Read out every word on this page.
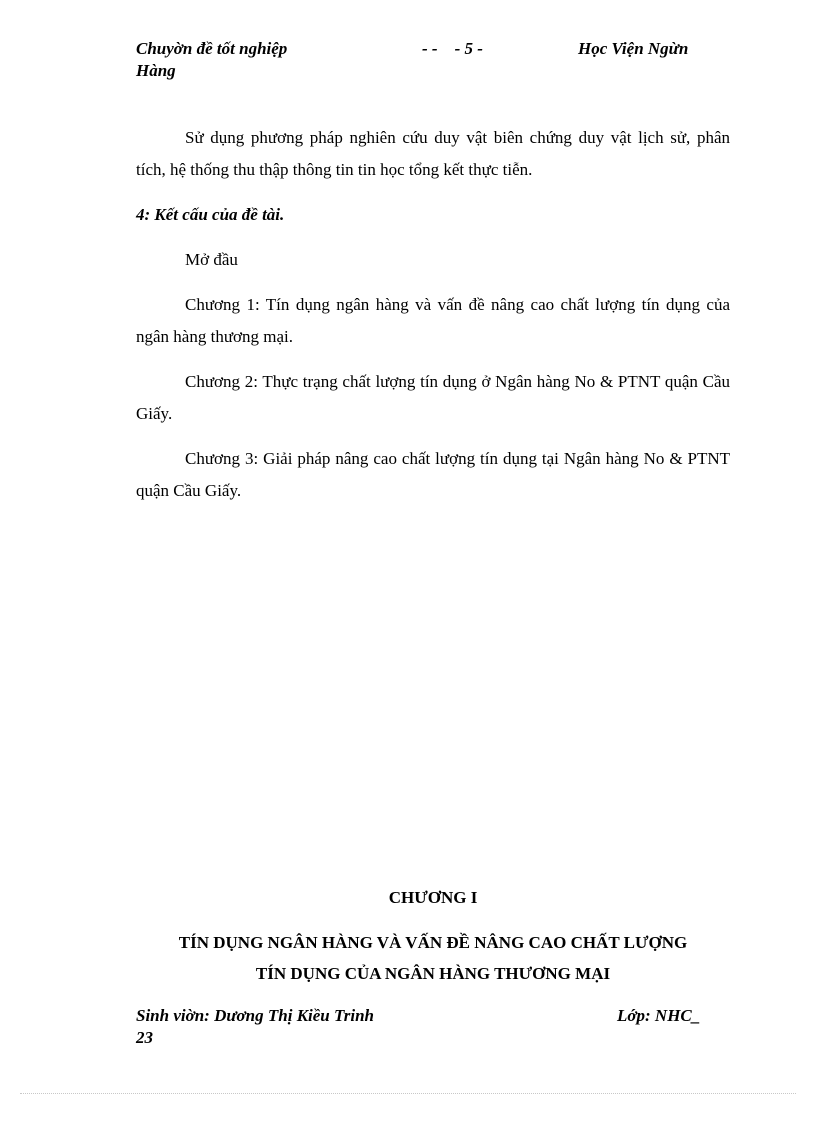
Chuyờn đề tốt nghiệp
Hàng
- -    - 5 -	Học Viện Ngừn
Sử dụng phương pháp nghiên cứu duy vật biên chứng duy vật lịch sử, phân tích, hệ thống thu thập thông tin tin học tổng kết thực tiễn.
4: Kết cấu của đề tài.
Mở đầu
Chương 1: Tín dụng ngân hàng và vấn đề nâng cao chất lượng tín dụng của ngân hàng thương mại.
Chương 2: Thực trạng chất lượng tín dụng ở Ngân hàng No & PTNT quận Cầu Giấy.
Chương 3: Giải pháp nâng cao chất lượng tín dụng tại Ngân hàng No & PTNT quận Cầu Giấy.
CHƯƠNG I
TÍN DỤNG NGÂN HÀNG VÀ VẤN ĐỀ NÂNG CAO CHẤT LƯỢNG
TÍN DỤNG CỦA NGÂN HÀNG THƯƠNG MẠI
Sinh viờn: Dương Thị Kiều Trinh	Lớp: NHC_
23
